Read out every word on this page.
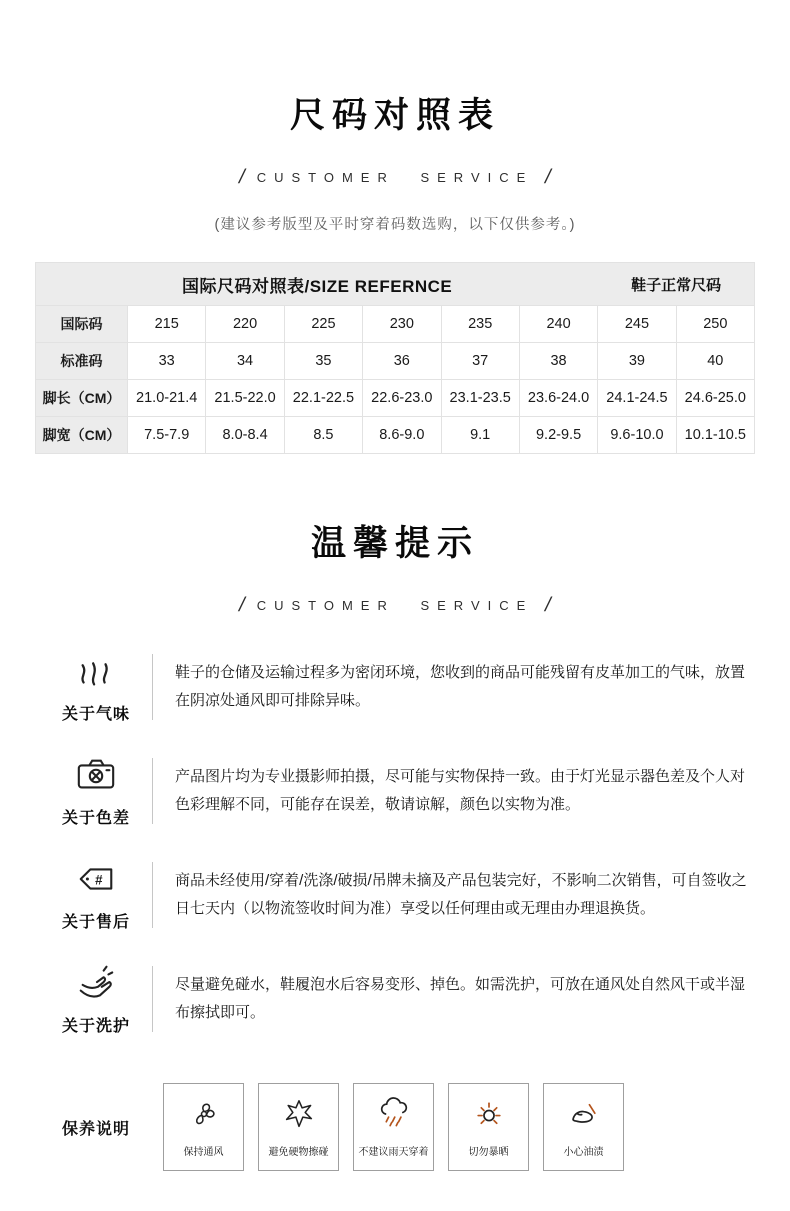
尺码对照表
/ CUSTOMER SERVICE /

(建议参考版型及平时穿着码数选购，以下仅供参考。)

国际尺码对照表/SIZE REFERNCE	鞋子正常尺码
国际码	215	220	225	230	235	240	245	250
标准码	33	34	35	36	37	38	39	40
脚长（CM）	21.0-21.4	21.5-22.0	22.1-22.5	22.6-23.0	23.1-23.5	23.6-24.0	24.1-24.5	24.6-25.0
脚宽（CM）	7.5-7.9	8.0-8.4	8.5	8.6-9.0	9.1	9.2-9.5	9.6-10.0	10.1-10.5
温馨提示
/ CUSTOMER SERVICE /
关于气味
鞋子的仓储及运输过程多为密闭环境，您收到的商品可能残留有皮革加工的气味，放置在阴凉处通风即可排除异味。
关于色差
产品图片均为专业摄影师拍摄，尽可能与实物保持一致。由于灯光显示器色差及个人对色彩理解不同，可能存在误差，敬请谅解，颜色以实物为准。
#
关于售后
商品未经使用/穿着/洗涤/破损/吊牌未摘及产品包装完好，不影响二次销售，可自签收之日七天内（以物流签收时间为准）享受以任何理由或无理由办理退换货。
关于洗护
尽量避免碰水，鞋履泡水后容易变形、掉色。如需洗护，可放在通风处自然风干或半湿布擦拭即可。
保养说明
保持通风	避免硬物擦碰	不建议雨天穿着	切勿暴晒	小心油渍
